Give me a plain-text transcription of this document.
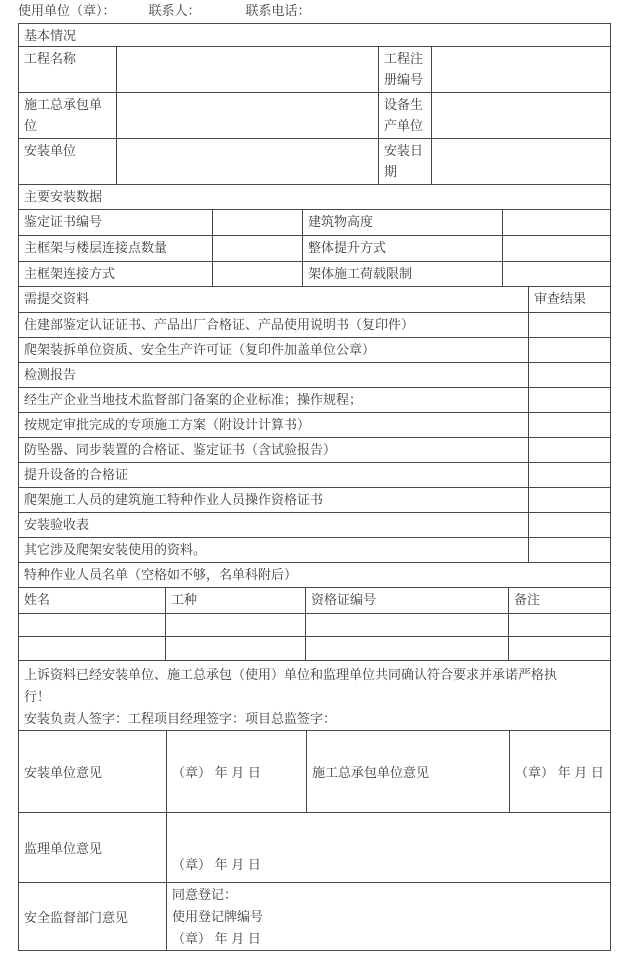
使用单位（章）：	联系人：	联系电话：

基本情况			
工程名称		工程注册编号	
施工总承包单位		设备生产单位	
安装单位		安装日期	
主要安装数据			
鉴定证书编号		建筑物高度	
主框架与楼层连接点数量		整体提升方式	
主框架连接方式		架体施工荷载限制	
需提交资料	审查结果
住建部鉴定认证证书、产品出厂合格证、产品使用说明书（复印件）	
爬架装拆单位资质、安全生产许可证（复印件加盖单位公章）	
检测报告	
经生产企业当地技术监督部门备案的企业标准；操作规程；	
按规定审批完成的专项施工方案（附设计计算书）	
防坠器、同步装置的合格证、鉴定证书（含试验报告）	
提升设备的合格证	
爬架施工人员的建筑施工特种作业人员操作资格证书	
安装验收表	
其它涉及爬架安装使用的资料。	
特种作业人员名单（空格如不够，名单科附后）			
姓名	工种	资格证编号	备注

上诉资料已经安装单位、施工总承包（使用）单位和监理单位共同确认符合要求并承诺严格执行！

安装负责人签字：工程项目经理签字：项目总监签字：

安装单位意见	（章） 年 月 日	施工总承包单位意见	（章） 年 月 日
监理单位意见	（章） 年 月 日
安全监督部门意见	同意登记：
使用登记牌编号
（章） 年 月 日
